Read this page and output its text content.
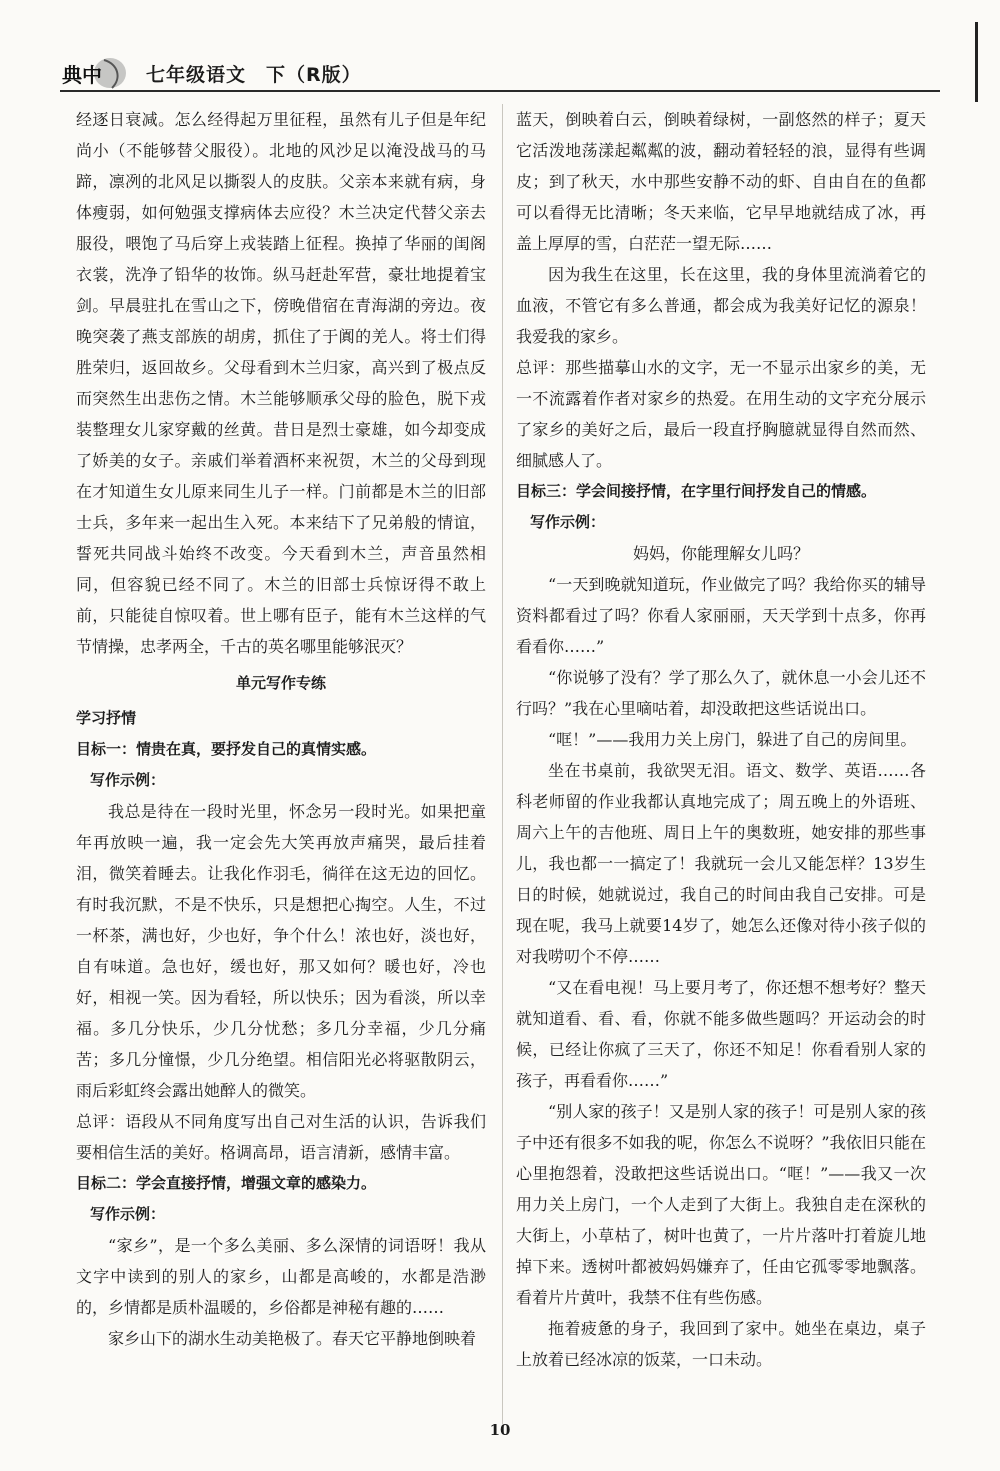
典中 七年级语文　下（R版）

经逐日衰减。怎么经得起万里征程，虽然有儿子但是年纪尚小（不能够替父服役）。北地的风沙足以淹没战马的马蹄，凛冽的北风足以撕裂人的皮肤。父亲本来就有病，身体瘦弱，如何勉强支撑病体去应役？木兰决定代替父亲去服役，喂饱了马后穿上戎装踏上征程。换掉了华丽的闺阁衣裳，洗净了铅华的妆饰。纵马赶赴军营，豪壮地提着宝剑。早晨驻扎在雪山之下，傍晚借宿在青海湖的旁边。夜晚突袭了燕支部族的胡虏，抓住了于阗的羌人。将士们得胜荣归，返回故乡。父母看到木兰归家，高兴到了极点反而突然生出悲伤之情。木兰能够顺承父母的脸色，脱下戎装整理女儿家穿戴的丝黄。昔日是烈士豪雄，如今却变成了娇美的女子。亲戚们举着酒杯来祝贺，木兰的父母到现在才知道生女儿原来同生儿子一样。门前都是木兰的旧部士兵，多年来一起出生入死。本来结下了兄弟般的情谊，誓死共同战斗始终不改变。今天看到木兰，声音虽然相同，但容貌已经不同了。木兰的旧部士兵惊讶得不敢上前，只能徒自惊叹着。世上哪有臣子，能有木兰这样的气节情操，忠孝两全，千古的英名哪里能够泯灭？

单元写作专练
学习抒情
目标一：情贵在真，要抒发自己的真情实感。
写作示例：

我总是待在一段时光里，怀念另一段时光。如果把童年再放映一遍，我一定会先大笑再放声痛哭，最后挂着泪，微笑着睡去。让我化作羽毛，徜徉在这无边的回忆。有时我沉默，不是不快乐，只是想把心掏空。人生，不过一杯茶，满也好，少也好，争个什么！浓也好，淡也好，自有味道。急也好，缓也好，那又如何？暖也好，冷也好，相视一笑。因为看轻，所以快乐；因为看淡，所以幸福。多几分快乐，少几分忧愁；多几分幸福，少几分痛苦；多几分憧憬，少几分绝望。相信阳光必将驱散阴云，雨后彩虹终会露出她醉人的微笑。

总评：语段从不同角度写出自己对生活的认识，告诉我们要相信生活的美好。格调高昂，语言清新，感情丰富。

目标二：学会直接抒情，增强文章的感染力。
写作示例：

“家乡”，是一个多么美丽、多么深情的词语呀！我从文字中读到的别人的家乡，山都是高峻的，水都是浩渺的，乡情都是质朴温暖的，乡俗都是神秘有趣的……

家乡山下的湖水生动美艳极了。春天它平静地倒映着

蓝天，倒映着白云，倒映着绿树，一副悠然的样子；夏天它活泼地荡漾起粼粼的波，翻动着轻轻的浪，显得有些调皮；到了秋天，水中那些安静不动的虾、自由自在的鱼都可以看得无比清晰；冬天来临，它早早地就结成了冰，再盖上厚厚的雪，白茫茫一望无际……

因为我生在这里，长在这里，我的身体里流淌着它的血液，不管它有多么普通，都会成为我美好记忆的源泉！我爱我的家乡。

总评：那些描摹山水的文字，无一不显示出家乡的美，无一不流露着作者对家乡的热爱。在用生动的文字充分展示了家乡的美好之后，最后一段直抒胸臆就显得自然而然、细腻感人了。

目标三：学会间接抒情，在字里行间抒发自己的情感。
写作示例：
妈妈，你能理解女儿吗？

“一天到晚就知道玩，作业做完了吗？我给你买的辅导资料都看过了吗？你看人家丽丽，天天学到十点多，你再看看你……”

“你说够了没有？学了那么久了，就休息一小会儿还不行吗？”我在心里嘀咕着，却没敢把这些话说出口。

“哐！”——我用力关上房门，躲进了自己的房间里。

坐在书桌前，我欲哭无泪。语文、数学、英语……各科老师留的作业我都认真地完成了；周五晚上的外语班、周六上午的吉他班、周日上午的奥数班，她安排的那些事儿，我也都一一搞定了！我就玩一会儿又能怎样？13岁生日的时候，她就说过，我自己的时间由我自己安排。可是现在呢，我马上就要14岁了，她怎么还像对待小孩子似的对我唠叨个不停……

“又在看电视！马上要月考了，你还想不想考好？整天就知道看、看、看，你就不能多做些题吗？开运动会的时候，已经让你疯了三天了，你还不知足！你看看别人家的孩子，再看看你……”

“别人家的孩子！又是别人家的孩子！可是别人家的孩子中还有很多不如我的呢，你怎么不说呀？”我依旧只能在心里抱怨着，没敢把这些话说出口。“哐！”——我又一次用力关上房门，一个人走到了大街上。我独自走在深秋的大街上，小草枯了，树叶也黄了，一片片落叶打着旋儿地掉下来。透树叶都被妈妈嫌弃了，任由它孤零零地飘落。看着片片黄叶，我禁不住有些伤感。

拖着疲惫的身子，我回到了家中。她坐在桌边，桌子上放着已经冰凉的饭菜，一口未动。

10
